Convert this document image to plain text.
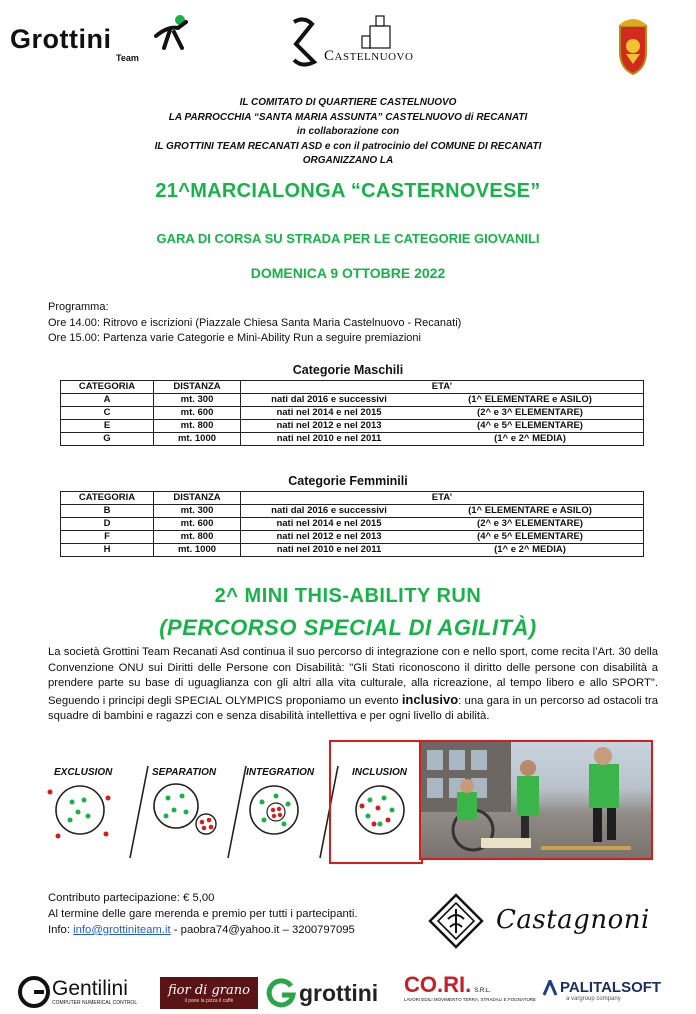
Grottini
Team	Castelnuovo
IL COMITATO DI QUARTIERE CASTELNUOVO
LA PARROCCHIA “SANTA MARIA ASSUNTA” CASTELNUOVO di RECANATI
in collaborazione con
IL GROTTINI TEAM RECANATI ASD e con il patrocinio del COMUNE DI RECANATI
ORGANIZZANO LA
21^MARCIALONGA “CASTERNOVESE”
GARA DI CORSA SU STRADA PER LE CATEGORIE GIOVANILI
DOMENICA 9 OTTOBRE 2022
Programma:
Ore 14.00: Ritrovo e iscrizioni (Piazzale Chiesa Santa Maria Castelnuovo - Recanati)
Ore 15.00: Partenza varie Categorie e Mini-Ability Run a seguire premiazioni
Categorie Maschili
CATEGORIA	DISTANZA	ETA’	
A	mt. 300	nati dal 2016 e successivi	(1^ ELEMENTARE e ASILO)
C	mt. 600	nati nel 2014 e nel 2015	(2^ e 3^ ELEMENTARE)
E	mt. 800	nati nel 2012 e nel 2013	(4^ e 5^ ELEMENTARE)
G	mt. 1000	nati nel 2010 e nel 2011	(1^ e 2^ MEDIA)
Categorie Femminili
CATEGORIA	DISTANZA	ETA’	
B	mt. 300	nati dal 2016 e successivi	(1^ ELEMENTARE e ASILO)
D	mt. 600	nati nel 2014 e nel 2015	(2^ e 3^ ELEMENTARE)
F	mt. 800	nati nel 2012 e nel 2013	(4^ e 5^ ELEMENTARE)
H	mt. 1000	nati nel 2010 e nel 2011	(1^ e 2^ MEDIA)
2^ MINI THIS-ABILITY RUN
(PERCORSO SPECIAL DI AGILITÀ)
La società Grottini Team Recanati Asd continua il suo percorso di integrazione con e nello sport, come recita l’Art. 30 della Convenzione ONU sui Diritti delle Persone con Disabilità: "Gli Stati riconoscono il diritto delle persone con disabilità a prendere parte su base di uguaglianza con gli altri alla vita culturale, alla ricreazione, al tempo libero e allo SPORT". Seguendo i principi degli SPECIAL OLYMPICS proponiamo un evento inclusivo: una gara in un percorso ad ostacoli tra squadre di bambini e ragazzi con e senza disabilità intellettiva e per ogni livello di abilità.
EXCLUSION	SEPARATION	INTEGRATION	INCLUSION
Contributo partecipazione: € 5,00
Al termine delle gare merenda e premio per tutti i partecipanti.
Info: info@grottiniteam.it - paobra74@yahoo.it – 3200797095	Castagnoni
Gentilini
COMPUTER NUMERICAL CONTROL
fior di grano
il pane la pizza il caffè	grottini CO.RI. S.R.L.
LAVORI EDILI MOVIMENTO TERRA, STRADALI E FOGNATURE
PALITALSOFT
a vargroup company
